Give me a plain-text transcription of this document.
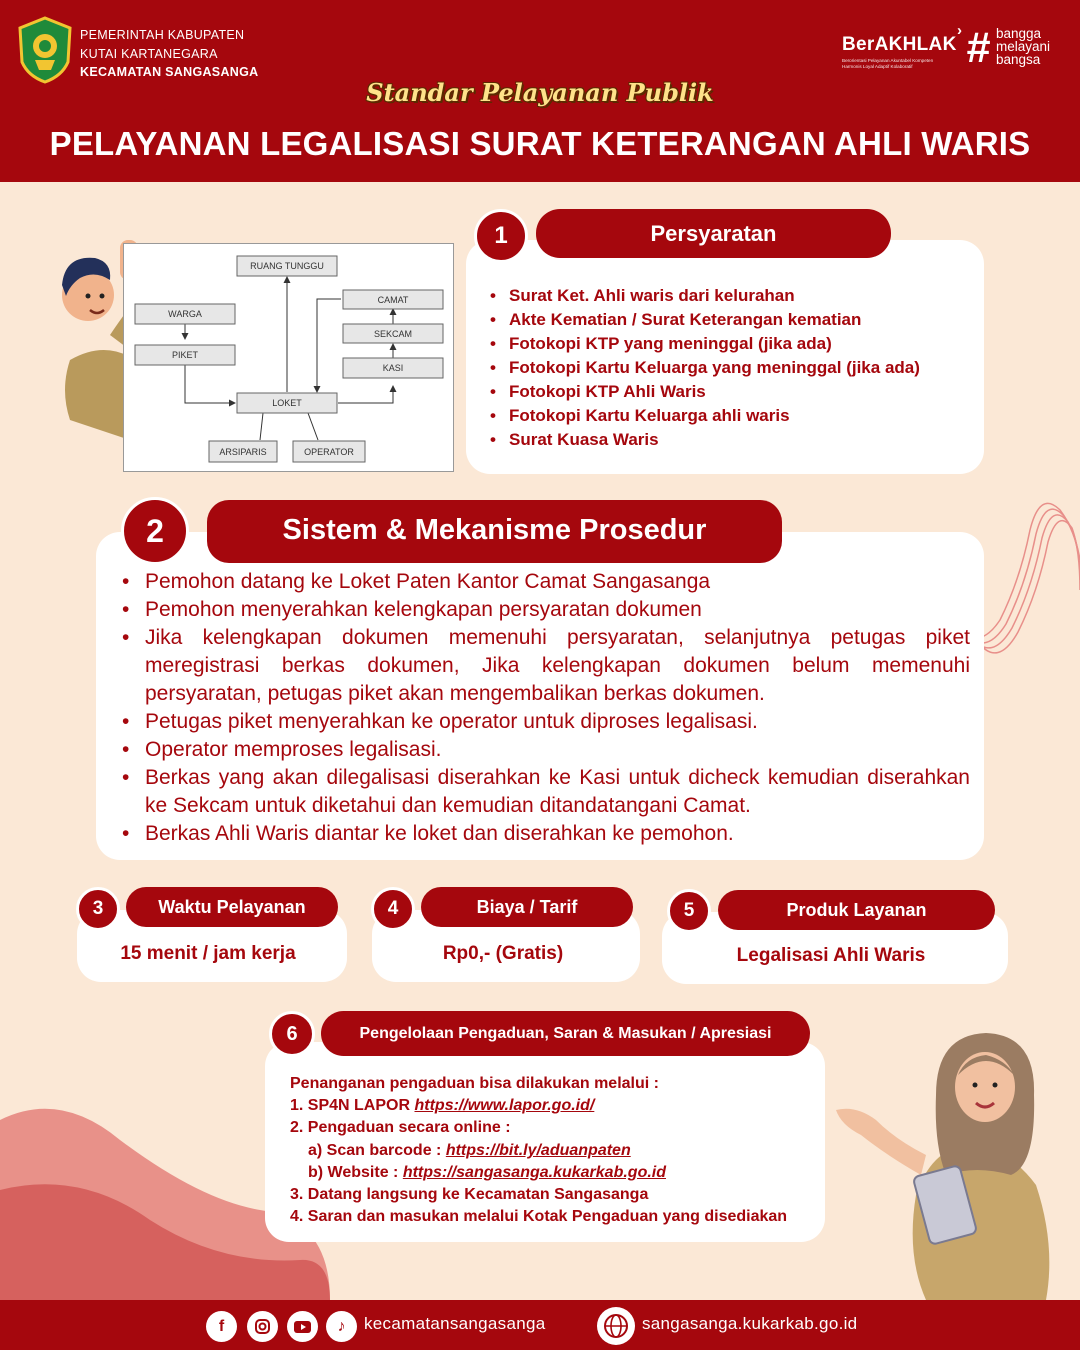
PEMERINTAH KABUPATEN
KUTAI KARTANEGARA
KECAMATAN SANGASANGA
BerAKHLAK
›
Berorientasi Pelayanan Akuntabel Kompeten
Harmonis Loyal Adaptif Kolaboratif	# bangga
melayani
bangsa
Standar Pelayanan Publik
PELAYANAN LEGALISASI SURAT KETERANGAN AHLI WARIS
RUANG TUNGGU
WARGA
PIKET
LOKET
CAMAT
SEKCAM
KASI
ARSIPARIS	OPERATOR
Persyaratan
1
• Surat Ket. Ahli waris dari kelurahan
• Akte Kematian / Surat Keterangan kematian
• Fotokopi KTP yang meninggal (jika ada)
• Fotokopi Kartu Keluarga yang meninggal (jika ada)
• Fotokopi KTP Ahli Waris
• Fotokopi Kartu Keluarga ahli waris
• Surat Kuasa Waris
Sistem & Mekanisme Prosedur
2
• Pemohon datang ke Loket Paten Kantor Camat Sangasanga
• Pemohon menyerahkan kelengkapan persyaratan dokumen
• Jika kelengkapan dokumen memenuhi persyaratan, selanjutnya petugas piket meregistrasi berkas dokumen, Jika kelengkapan dokumen belum memenuhi persyaratan, petugas piket akan mengembalikan berkas dokumen.
• Petugas piket menyerahkan ke operator untuk diproses legalisasi.
• Operator memproses legalisasi.
• Berkas yang akan dilegalisasi diserahkan ke Kasi untuk dicheck kemudian diserahkan ke Sekcam untuk diketahui dan kemudian ditandatangani Camat.
• Berkas Ahli Waris diantar ke loket dan diserahkan ke pemohon.
Waktu Pelayanan
3
15 menit / jam kerja
Biaya / Tarif
4
Rp0,- (Gratis)
Produk Layanan
5
Legalisasi Ahli Waris
Pengelolaan Pengaduan, Saran & Masukan / Apresiasi
6
Penanganan pengaduan bisa dilakukan melalui :
1. SP4N LAPOR https://www.lapor.go.id/
2. Pengaduan secara online :
a) Scan barcode : https://bit.ly/aduanpaten
b) Website : https://sangasanga.kukarkab.go.id
3. Datang langsung ke Kecamatan Sangasanga
4. Saran dan masukan melalui Kotak Pengaduan yang disediakan
f	♪	kecamatansangasanga	sangasanga.kukarkab.go.id
